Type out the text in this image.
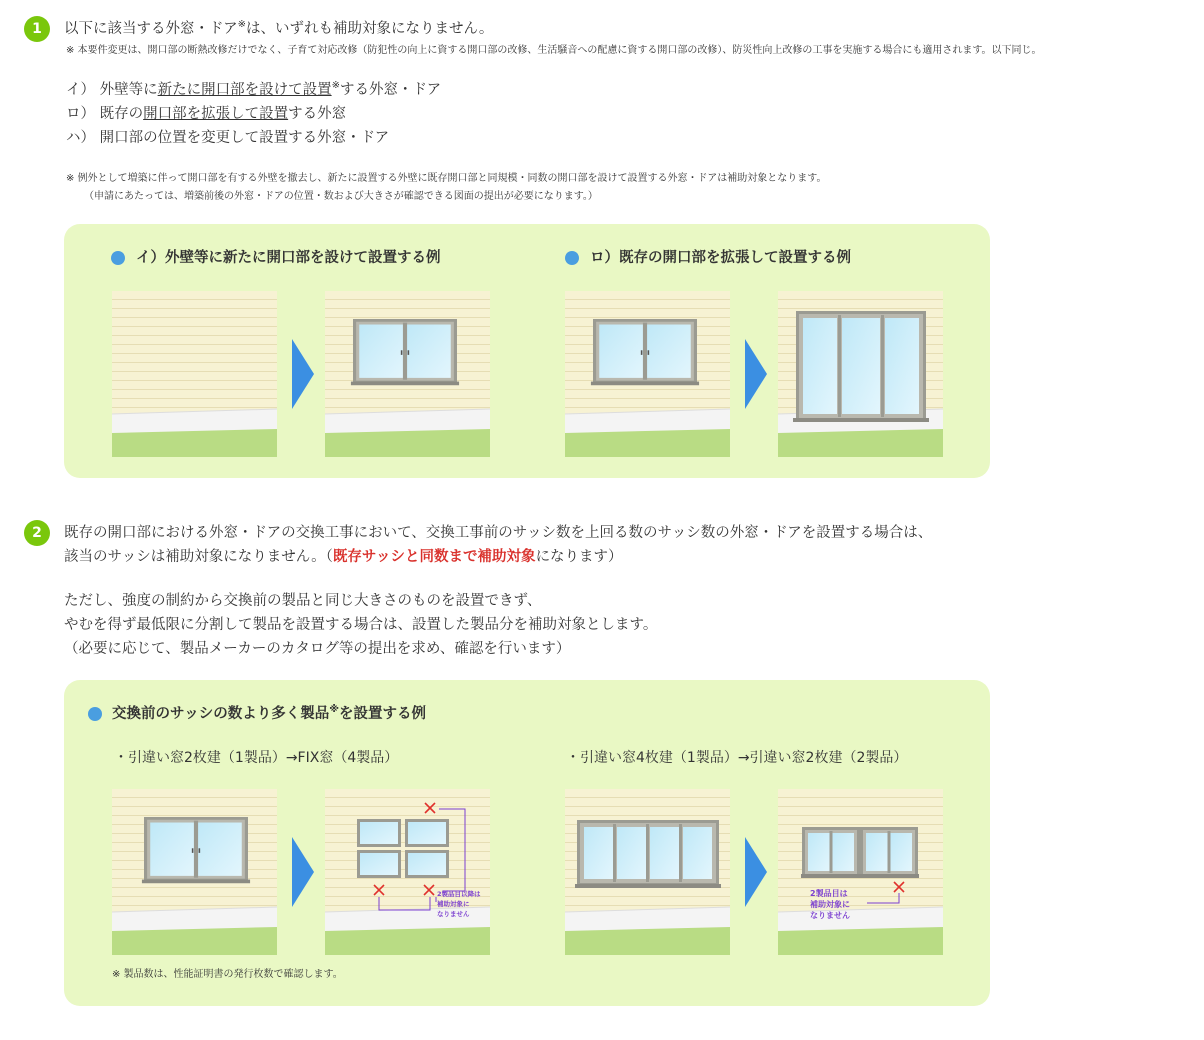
1	以下に該当する外窓・ドア※は、いずれも補助対象になりません。
※ 本要件変更は、開口部の断熱改修だけでなく、子育て対応改修（防犯性の向上に資する開口部の改修、生活騒音への配慮に資する開口部の改修）、防災性向上改修の工事を実施する場合にも適用されます。以下同じ。
イ） 外壁等に新たに開口部を設けて設置※する外窓・ドア
ロ） 既存の開口部を拡張して設置する外窓
ハ） 開口部の位置を変更して設置する外窓・ドア
※ 例外として増築に伴って開口部を有する外壁を撤去し、新たに設置する外壁に既存開口部と同規模・同数の開口部を設けて設置する外窓・ドアは補助対象となります。
（申請にあたっては、増築前後の外窓・ドアの位置・数および大きさが確認できる図面の提出が必要になります。）
イ）外壁等に新たに開口部を設けて設置する例	ロ）既存の開口部を拡張して設置する例
2	既存の開口部における外窓・ドアの交換工事において、交換工事前のサッシ数を上回る数のサッシ数の外窓・ドアを設置する場合は、
該当のサッシは補助対象になりません。（既存サッシと同数まで補助対象になります）
ただし、強度の制約から交換前の製品と同じ大きさのものを設置できず、
やむを得ず最低限に分割して製品を設置する場合は、設置した製品分を補助対象とします。
（必要に応じて、製品メーカーのカタログ等の提出を求め、確認を行います）
交換前のサッシの数より多く製品※を設置する例
・引違い窓2枚建（1製品）→FIX窓（4製品）	・引違い窓4枚建（1製品）→引違い窓2枚建（2製品）
2製品目以降は 補助対象に なりません
2製品目は 補助対象に なりません
※ 製品数は、性能証明書の発行枚数で確認します。
